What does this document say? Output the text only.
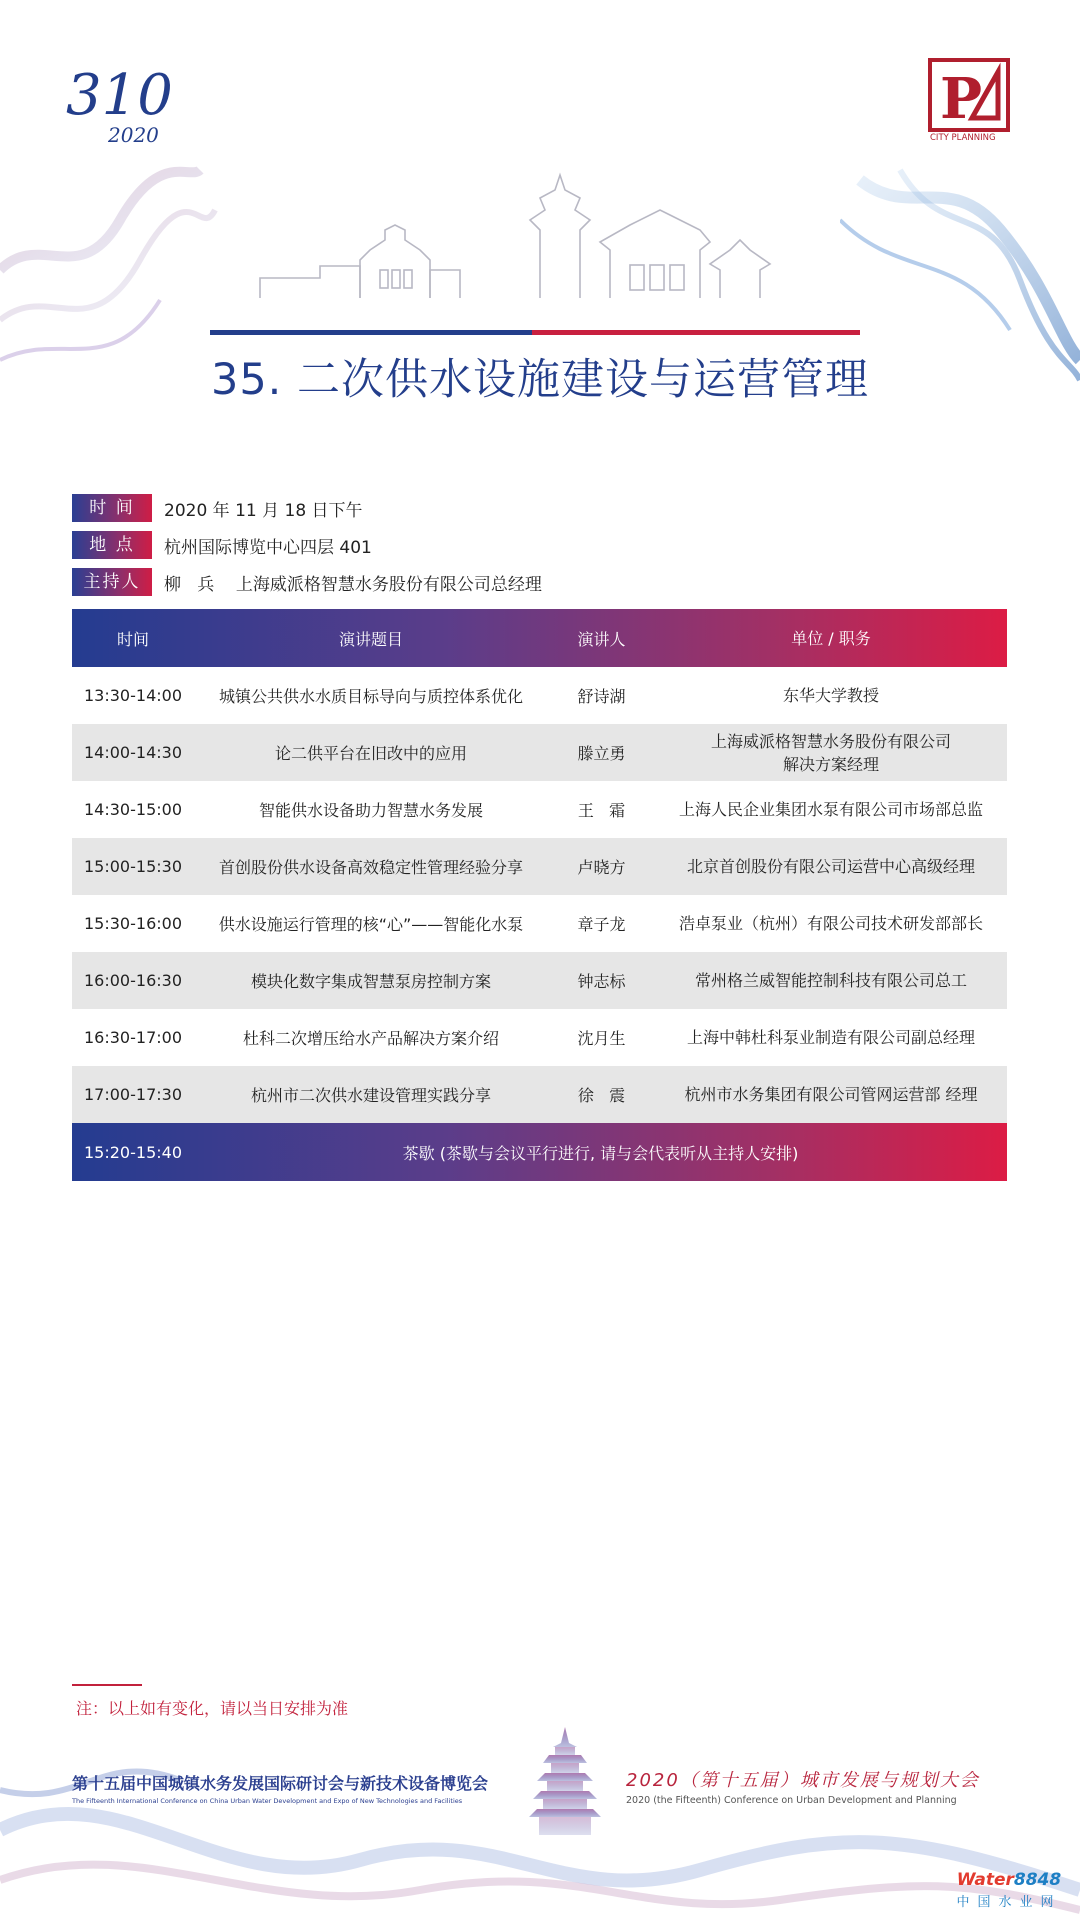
310
2020
P
CITY PLANNING
35. 二次供水设施建设与运营管理
时 间	2020 年 11 月 18 日下午
地 点	杭州国际博览中心四层 401
主持人	柳   兵    上海威派格智慧水务股份有限公司总经理
时间	演讲题目	演讲人	单位 / 职务
13:30-14:00	城镇公共供水水质目标导向与质控体系优化	舒诗湖	东华大学教授
14:00-14:30	论二供平台在旧改中的应用	滕立勇
上海威派格智慧水务股份有限公司
解决方案经理
14:30-15:00	智能供水设备助力智慧水务发展	王   霜	上海人民企业集团水泵有限公司市场部总监
15:00-15:30	首创股份供水设备高效稳定性管理经验分享	卢晓方	北京首创股份有限公司运营中心高级经理
15:30-16:00	供水设施运行管理的核“心”——智能化水泵	章子龙	浩卓泵业（杭州）有限公司技术研发部部长
16:00-16:30	模块化数字集成智慧泵房控制方案	钟志标	常州格兰威智能控制科技有限公司总工
16:30-17:00	杜科二次增压给水产品解决方案介绍	沈月生	上海中韩杜科泵业制造有限公司副总经理
17:00-17:30	杭州市二次供水建设管理实践分享	徐   震	杭州市水务集团有限公司管网运营部 经理
15:20-15:40	茶歇 (茶歇与会议平行进行, 请与会代表听从主持人安排)
注：以上如有变化，请以当日安排为准
第十五届中国城镇水务发展国际研讨会与新技术设备博览会
The Fifteenth International Conference on China Urban Water Development and Expo of New Technologies and Facilities
2020（第十五届）城市发展与规划大会
2020 (the Fifteenth) Conference on Urban Development and Planning
Water8848
中国水业网
